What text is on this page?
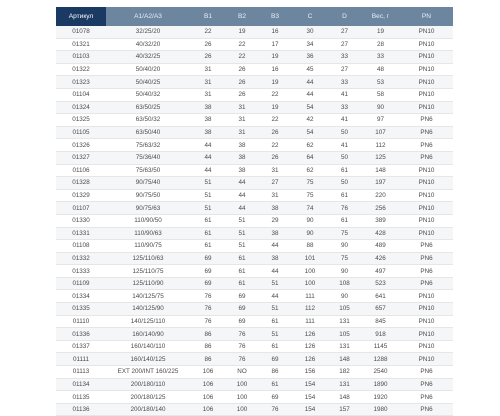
Артикул	A1/A2/A3	B1	B2	B3	C	D	Вес, г	PN
01078	32/25/20	22	19	16	30	27	19	PN10
01321	40/32/20	26	22	17	34	27	28	PN10
01103	40/32/25	26	22	19	36	33	33	PN10
01322	50/40/20	31	26	16	45	27	48	PN10
01323	50/40/25	31	26	19	44	33	53	PN10
01104	50/40/32	31	26	22	44	41	58	PN10
01324	63/50/25	38	31	19	54	33	90	PN10
01325	63/50/32	38	31	22	42	41	97	PN6
01105	63/50/40	38	31	26	54	50	107	PN6
01326	75/63/32	44	38	22	62	41	112	PN6
01327	75/36/40	44	38	26	64	50	125	PN6
01106	75/63/50	44	38	31	62	61	148	PN10
01328	90/75/40	51	44	27	75	50	197	PN10
01329	90/75/50	51	44	31	75	61	220	PN10
01107	90/75/63	51	44	38	74	76	256	PN10
01330	110/90/50	61	51	29	90	61	389	PN10
01331	110/90/63	61	51	38	90	75	428	PN10
01108	110/90/75	61	51	44	88	90	489	PN6
01332	125/110/63	69	61	38	101	75	426	PN6
01333	125/110/75	69	61	44	100	90	497	PN6
01109	125/110/90	69	61	51	100	108	523	PN6
01334	140/125/75	76	69	44	111	90	641	PN10
01335	140/125/90	76	69	51	112	105	657	PN10
01110	140/125/110	76	69	61	111	131	845	PN10
01336	160/140/90	86	76	51	126	105	918	PN10
01337	160/140/110	86	76	61	126	131	1145	PN10
01111	160/140/125	86	76	69	126	148	1288	PN10
01113	EXT 200/INT 160/225	106	NO	86	156	182	2540	PN6
01134	200/180/110	106	100	61	154	131	1890	PN6
01135	200/180/125	106	100	69	154	148	1920	PN6
01136	200/180/140	106	100	76	154	157	1980	PN6
